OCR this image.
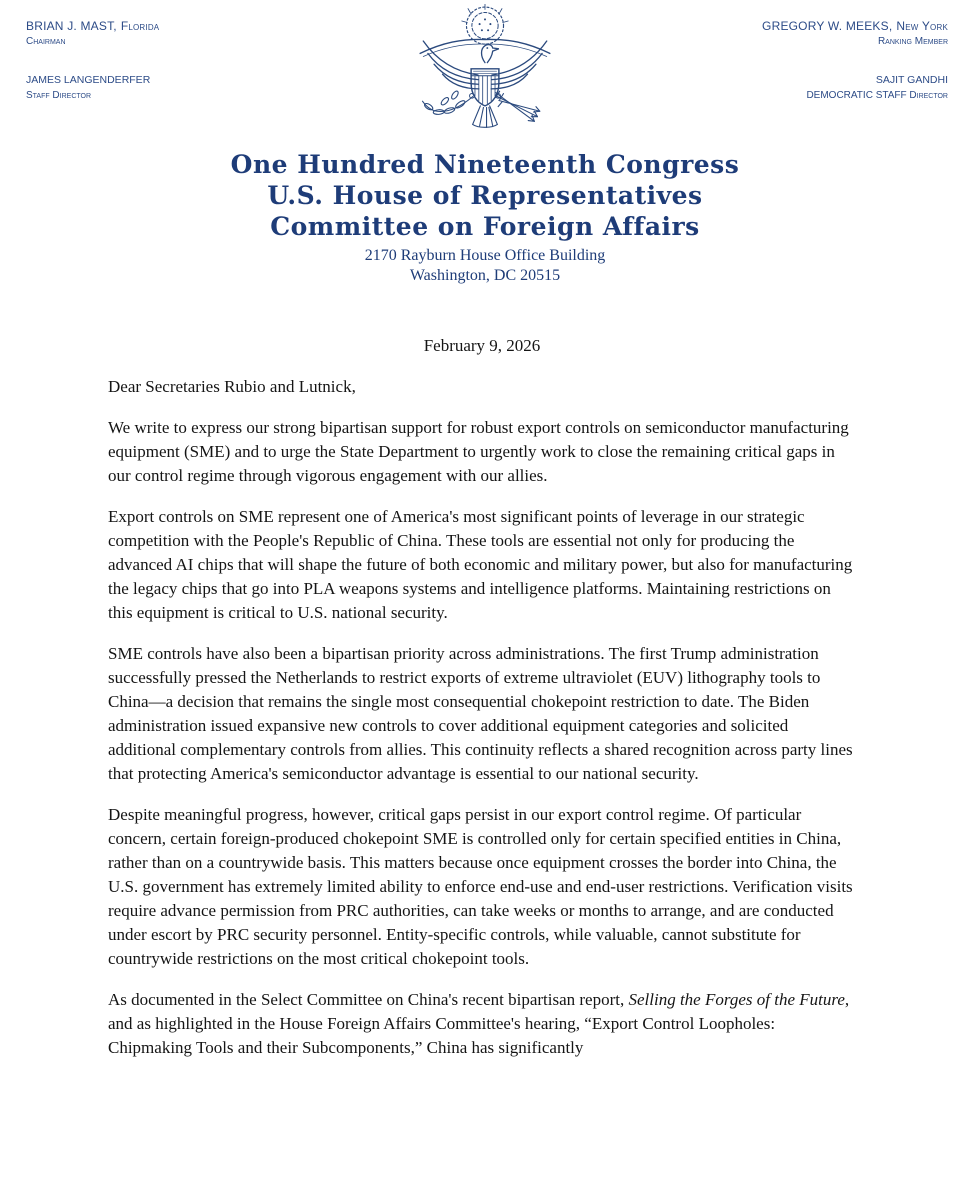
BRIAN J. MAST, Florida
Chairman
JAMES LANGENDERFER
Staff Director
GREGORY W. MEEKS, New York
Ranking Member
SAJIT GANDHI
DEMOCRATIC STAFF Director
One Hundred Nineteenth Congress
U.S. House of Representatives
Committee on Foreign Affairs
2170 Rayburn House Office Building
Washington, DC 20515

February 9, 2026

Dear Secretaries Rubio and Lutnick,

We write to express our strong bipartisan support for robust export controls on semiconductor manufacturing equipment (SME) and to urge the State Department to urgently work to close the remaining critical gaps in our control regime through vigorous engagement with our allies.

Export controls on SME represent one of America's most significant points of leverage in our strategic competition with the People's Republic of China. These tools are essential not only for producing the advanced AI chips that will shape the future of both economic and military power, but also for manufacturing the legacy chips that go into PLA weapons systems and intelligence platforms. Maintaining restrictions on this equipment is critical to U.S. national security.

SME controls have also been a bipartisan priority across administrations. The first Trump administration successfully pressed the Netherlands to restrict exports of extreme ultraviolet (EUV) lithography tools to China—a decision that remains the single most consequential chokepoint restriction to date. The Biden administration issued expansive new controls to cover additional equipment categories and solicited additional complementary controls from allies. This continuity reflects a shared recognition across party lines that protecting America's semiconductor advantage is essential to our national security.

Despite meaningful progress, however, critical gaps persist in our export control regime. Of particular concern, certain foreign-produced chokepoint SME is controlled only for certain specified entities in China, rather than on a countrywide basis. This matters because once equipment crosses the border into China, the U.S. government has extremely limited ability to enforce end-use and end-user restrictions. Verification visits require advance permission from PRC authorities, can take weeks or months to arrange, and are conducted under escort by PRC security personnel. Entity-specific controls, while valuable, cannot substitute for countrywide restrictions on the most critical chokepoint tools.

As documented in the Select Committee on China's recent bipartisan report, Selling the Forges of the Future, and as highlighted in the House Foreign Affairs Committee's hearing, “Export Control Loopholes: Chipmaking Tools and their Subcomponents,” China has significantly
